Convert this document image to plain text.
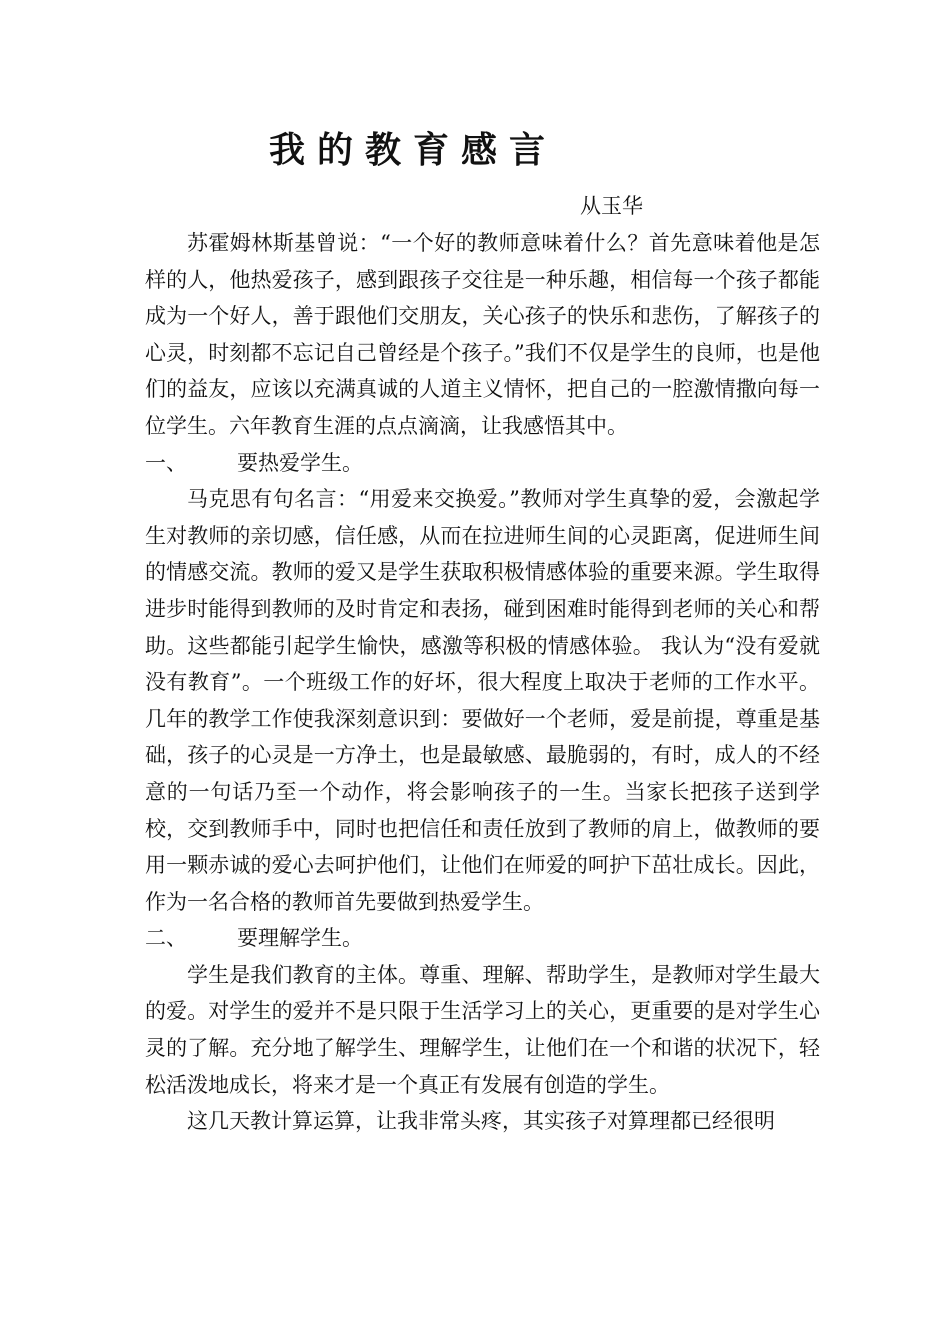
我的教育感言

从玉华

苏霍姆林斯基曾说：“一个好的教师意味着什么？首先意味着他是怎样的人，他热爱孩子，感到跟孩子交往是一种乐趣，相信每一个孩子都能成为一个好人，善于跟他们交朋友，关心孩子的快乐和悲伤，了解孩子的心灵，时刻都不忘记自己曾经是个孩子。”我们不仅是学生的良师，也是他们的益友，应该以充满真诚的人道主义情怀，把自己的一腔激情撒向每一位学生。六年教育生涯的点点滴滴，让我感悟其中。

一、 要热爱学生。

马克思有句名言：“用爱来交换爱。”教师对学生真挚的爱，会激起学生对教师的亲切感，信任感，从而在拉进师生间的心灵距离，促进师生间的情感交流。教师的爱又是学生获取积极情感体验的重要来源。学生取得进步时能得到教师的及时肯定和表扬，碰到困难时能得到老师的关心和帮助。这些都能引起学生愉快，感激等积极的情感体验。 我认为“没有爱就没有教育”。一个班级工作的好坏，很大程度上取决于老师的工作水平。几年的教学工作使我深刻意识到：要做好一个老师，爱是前提，尊重是基础，孩子的心灵是一方净土，也是最敏感、最脆弱的，有时，成人的不经意的一句话乃至一个动作，将会影响孩子的一生。当家长把孩子送到学校，交到教师手中，同时也把信任和责任放到了教师的肩上，做教师的要用一颗赤诚的爱心去呵护他们，让他们在师爱的呵护下茁壮成长。因此，作为一名合格的教师首先要做到热爱学生。

二、 要理解学生。

学生是我们教育的主体。尊重、理解、帮助学生，是教师对学生最大的爱。对学生的爱并不是只限于生活学习上的关心，更重要的是对学生心灵的了解。充分地了解学生、理解学生，让他们在一个和谐的状况下，轻松活泼地成长，将来才是一个真正有发展有创造的学生。

这几天教计算运算，让我非常头疼，其实孩子对算理都已经很明
